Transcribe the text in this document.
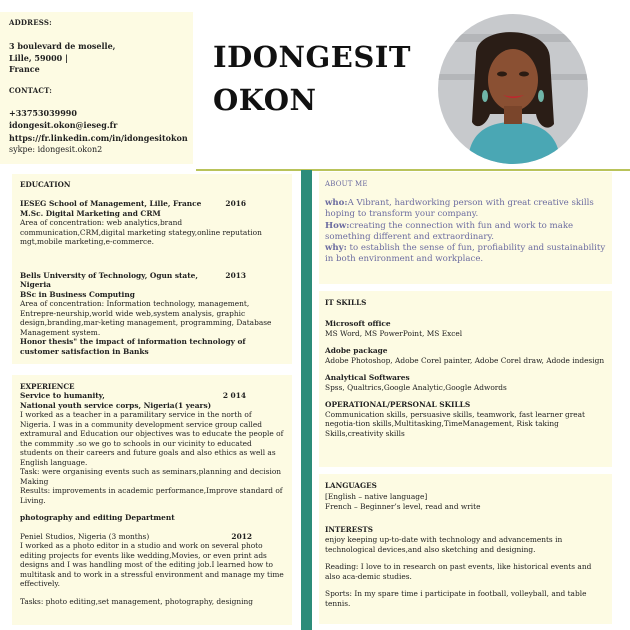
ADDRESS:

3 boulevard de moselle,

Lille, 59000 |

France

CONTACT:

+33753039990

idongesit.okon@ieseg.fr

https://fr.linkedin.com/in/idongesitokon

sykpe: idongesit.okon2

IDONGESIT
OKON

EDUCATION

IESEG School of Management, Lille, France	2016

M.Sc. Digital Marketing and CRM

Area of concentration: web analytics,brand communication,CRM,digital marketing stategy,online reputation mgt,mobile marketing,e-commerce.

Bells University of Technology, Ogun state, Nigeria
2013

BSc in Business Computing

Area of concentration: Information technology, management, Entrepre-neurship,world wide web,system analysis, graphic design,branding,mar-keting management, programming, Database Management system.

Honor thesis" the impact of information technology of customer satisfaction in Banks

EXPERIENCE

Service to humanity,	2 014

National youth service corps, Nigeria(1 years)

I worked as a teacher in a paramilitary service in the north of Nigeria. I was in a community development service group called extramural and Education our objectives was to educate the people of the commmity .so we go to schools in our vicinity to educated students on their careers and future goals and also ethics as well as English language.

Task: were organising events such as seminars,planning and decision Making

Results: improvements in academic performance,Improve standard of Living.

photography and editing Department

Peniel Studios, Nigeria (3 months)	2012

I worked as a photo editor in a studio and work on several photo editing projects for events like wedding,Movies, or even print ads designs and I was handling most of the editing job.I learned how to multitask and to work in a stressful environment and manage my time effectively.

Tasks: photo editing,set management, photography, designing

ABOUT ME

who:A Vibrant, hardworking person with great creative skills hoping to transform your company.

How:creating the connection with fun and work to make something different and extraordinary.

why: to establish the sense of fun, profiability and sustainability in both environment and workplace.

IT SKILLS

Microsoft office

MS Word, MS PowerPoint, MS Excel

Adobe package

Adobe Photoshop, Adobe Corel painter, Adobe Corel draw, Adode indesign

Analytical Softwares

Spss, Qualtrics,Google Analytic,Google Adwords

OPERATIONAL/PERSONAL SKILLS

Communication skills, persuasive skills, teamwork, fast learner great negotia-tion skills,Multitasking,TimeManagement, Risk taking Skills,creativity skills

LANGUAGES

[English – native language]

French – Beginner’s level, read and write

INTERESTS

enjoy keeping up-to-date with technology and advancements in technological devices,and also sketching and designing.

Reading: I love to in research on past events, like historical events and also aca-demic studies.

Sports: In my spare time i participate in football, volleyball, and table tennis.
